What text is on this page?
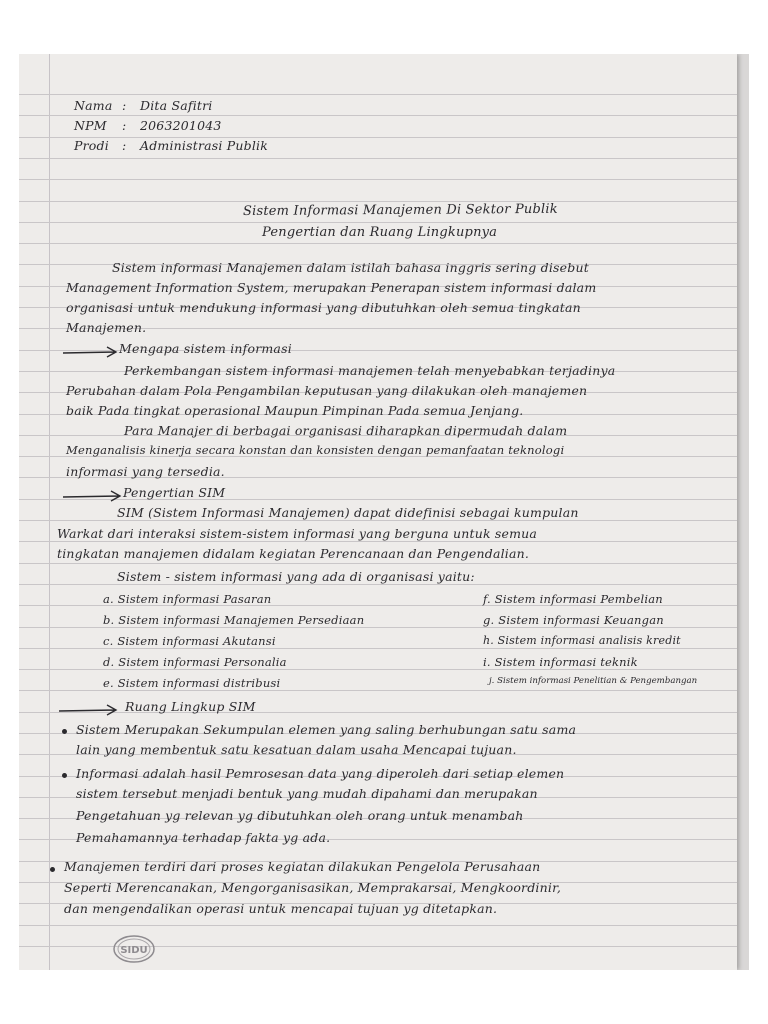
Nama : Dita Safitri
NPM : 2063201043
Prodi : Administrasi Publik
Sistem Informasi Manajemen Di Sektor Publik
Pengertian dan Ruang Lingkupnya
Sistem informasi Manajemen dalam istilah bahasa inggris sering disebut
Management Information System, merupakan Penerapan sistem informasi dalam
organisasi untuk mendukung informasi yang dibutuhkan oleh semua tingkatan
Manajemen.
Mengapa sistem informasi
Perkembangan sistem informasi manajemen telah menyebabkan terjadinya
Perubahan dalam Pola Pengambilan keputusan yang dilakukan oleh manajemen
baik Pada tingkat operasional Maupun Pimpinan Pada semua Jenjang.
Para Manajer di berbagai organisasi diharapkan dipermudah dalam
Menganalisis kinerja secara konstan dan konsisten dengan pemanfaatan teknologi
informasi yang tersedia.
Pengertian SIM
SIM (Sistem Informasi Manajemen) dapat didefinisi sebagai kumpulan
Warkat dari interaksi sistem-sistem informasi yang berguna untuk semua
tingkatan manajemen didalam kegiatan Perencanaan dan Pengendalian.
Sistem - sistem informasi yang ada di organisasi yaitu:
a. Sistem informasi Pasaran
b. Sistem informasi Manajemen Persediaan
c. Sistem informasi Akutansi
d. Sistem informasi Personalia
e. Sistem informasi distribusi
f. Sistem informasi Pembelian
g. Sistem informasi Keuangan
h. Sistem informasi analisis kredit
i. Sistem informasi teknik
j. Sistem informasi Penelitian & Pengembangan
Ruang Lingkup SIM
Sistem Merupakan Sekumpulan elemen yang saling berhubungan satu sama
lain yang membentuk satu kesatuan dalam usaha Mencapai tujuan.
Informasi adalah hasil Pemrosesan data yang diperoleh dari setiap elemen
sistem tersebut menjadi bentuk yang mudah dipahami dan merupakan
Pengetahuan yg relevan yg dibutuhkan oleh orang untuk menambah
Pemahamannya terhadap fakta yg ada.
Manajemen terdiri dari proses kegiatan dilakukan Pengelola Perusahaan
Seperti Merencanakan, Mengorganisasikan, Memprakarsai, Mengkoordinir,
dan mengendalikan operasi untuk mencapai tujuan yg ditetapkan.
SIDU
